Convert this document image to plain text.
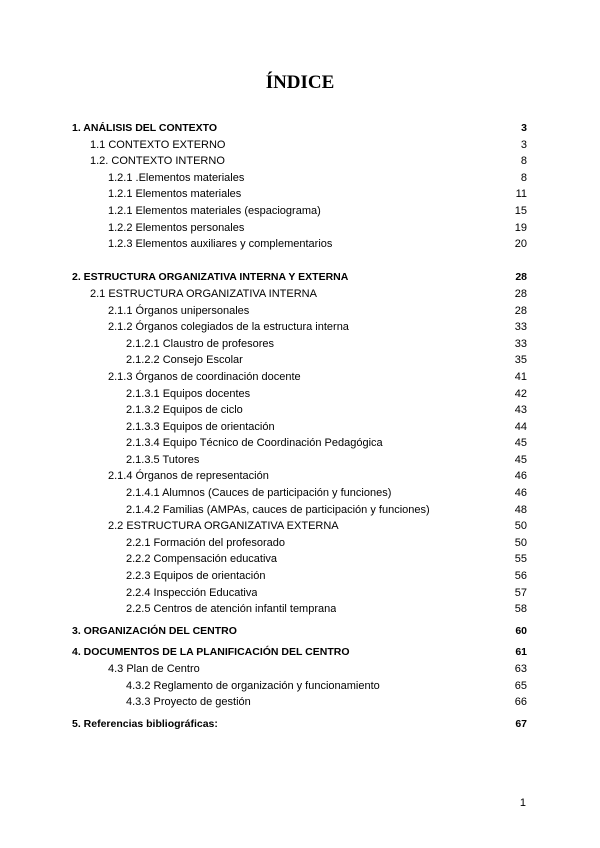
ÍNDICE
1. ANÁLISIS DEL CONTEXTO	3
1.1 CONTEXTO EXTERNO	3
1.2. CONTEXTO INTERNO	8
1.2.1 .Elementos materiales	8
1.2.1 Elementos materiales	11
1.2.1 Elementos materiales (espaciograma)	15
1.2.2 Elementos personales	19
1.2.3 Elementos auxiliares y complementarios	20
2. ESTRUCTURA ORGANIZATIVA INTERNA Y EXTERNA	28
2.1 ESTRUCTURA ORGANIZATIVA INTERNA	28
2.1.1 Órganos unipersonales	28
2.1.2 Órganos colegiados de la estructura interna	33
2.1.2.1 Claustro de profesores	33
2.1.2.2 Consejo Escolar	35
2.1.3 Órganos de coordinación docente	41
2.1.3.1 Equipos docentes	42
2.1.3.2 Equipos de ciclo	43
2.1.3.3 Equipos de orientación	44
2.1.3.4 Equipo Técnico de Coordinación Pedagógica	45
2.1.3.5 Tutores	45
2.1.4 Órganos de representación	46
2.1.4.1 Alumnos (Cauces de participación y funciones)	46
2.1.4.2 Familias (AMPAs, cauces de participación y funciones)	48
2.2 ESTRUCTURA ORGANIZATIVA EXTERNA	50
2.2.1 Formación del profesorado	50
2.2.2 Compensación educativa	55
2.2.3 Equipos de orientación	56
2.2.4 Inspección Educativa	57
2.2.5 Centros de atención infantil temprana	58
3. ORGANIZACIÓN DEL CENTRO	60
4. DOCUMENTOS DE LA PLANIFICACIÓN DEL CENTRO	61
4.3 Plan de Centro	63
4.3.2 Reglamento de organización y funcionamiento	65
4.3.3 Proyecto de gestión	66
5. Referencias bibliográficas:	67
1
